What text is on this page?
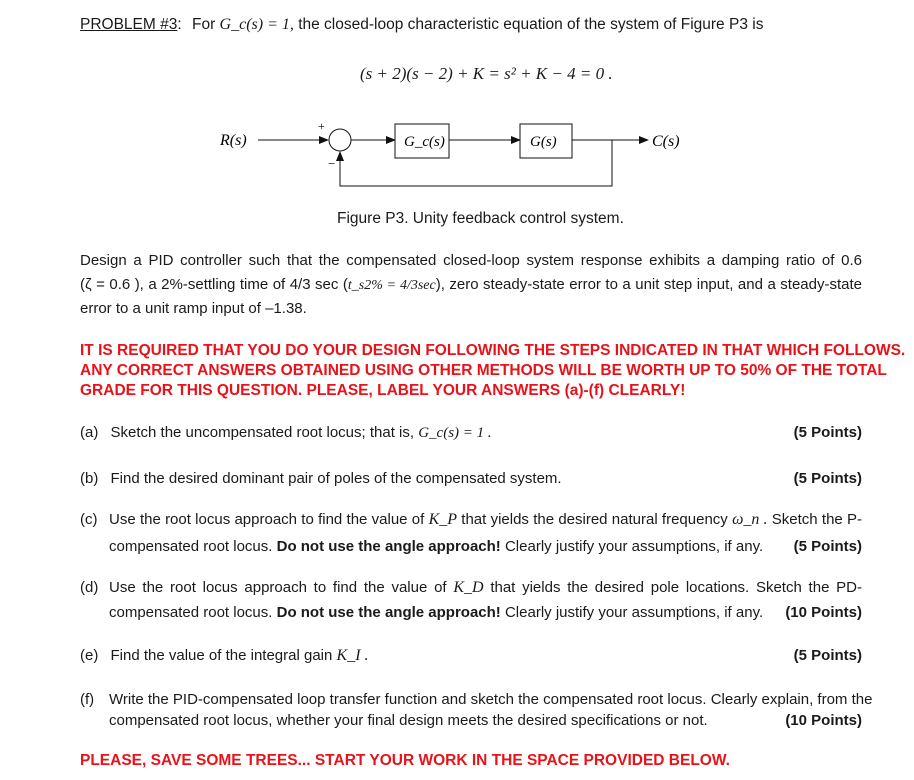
PROBLEM #3: For G_c(s) = 1, the closed-loop characteristic equation of the system of Figure P3 is
(s + 2)(s − 2) + K = s² + K − 4 = 0 .
R(s)
+
−
G_c(s)	G(s)	C(s)
Figure P3. Unity feedback control system.
Design a PID controller such that the compensated closed-loop system response exhibits a damping ratio of 0.6
(ζ = 0.6 ), a 2%-settling time of 4/3 sec (t_s2% = 4/3sec), zero steady-state error to a unit step input, and a steady-state
error to a unit ramp input of –1.38.
IT IS REQUIRED THAT YOU DO YOUR DESIGN FOLLOWING THE STEPS INDICATED IN THAT WHICH FOLLOWS.
ANY CORRECT ANSWERS OBTAINED USING OTHER METHODS WILL BE WORTH UP TO 50% OF THE TOTAL
GRADE FOR THIS QUESTION. PLEASE, LABEL YOUR ANSWERS (a)-(f) CLEARLY!
(a) Sketch the uncompensated root locus; that is, G_c(s) = 1 .	(5 Points)
(b) Find the desired dominant pair of poles of the compensated system.	(5 Points)
(c) Use the root locus approach to find the value of K_P that yields the desired natural frequency ω_n . Sketch the P-
compensated root locus. Do not use the angle approach! Clearly justify your assumptions, if any. (5 Points)
(d) Use the root locus approach to find the value of K_D that yields the desired pole locations. Sketch the PD-
compensated root locus. Do not use the angle approach! Clearly justify your assumptions, if any. (10 Points)
(e) Find the value of the integral gain K_I .	(5 Points)
(f) Write the PID-compensated loop transfer function and sketch the compensated root locus. Clearly explain, from the
compensated root locus, whether your final design meets the desired specifications or not.	(10 Points)
PLEASE, SAVE SOME TREES... START YOUR WORK IN THE SPACE PROVIDED BELOW.
